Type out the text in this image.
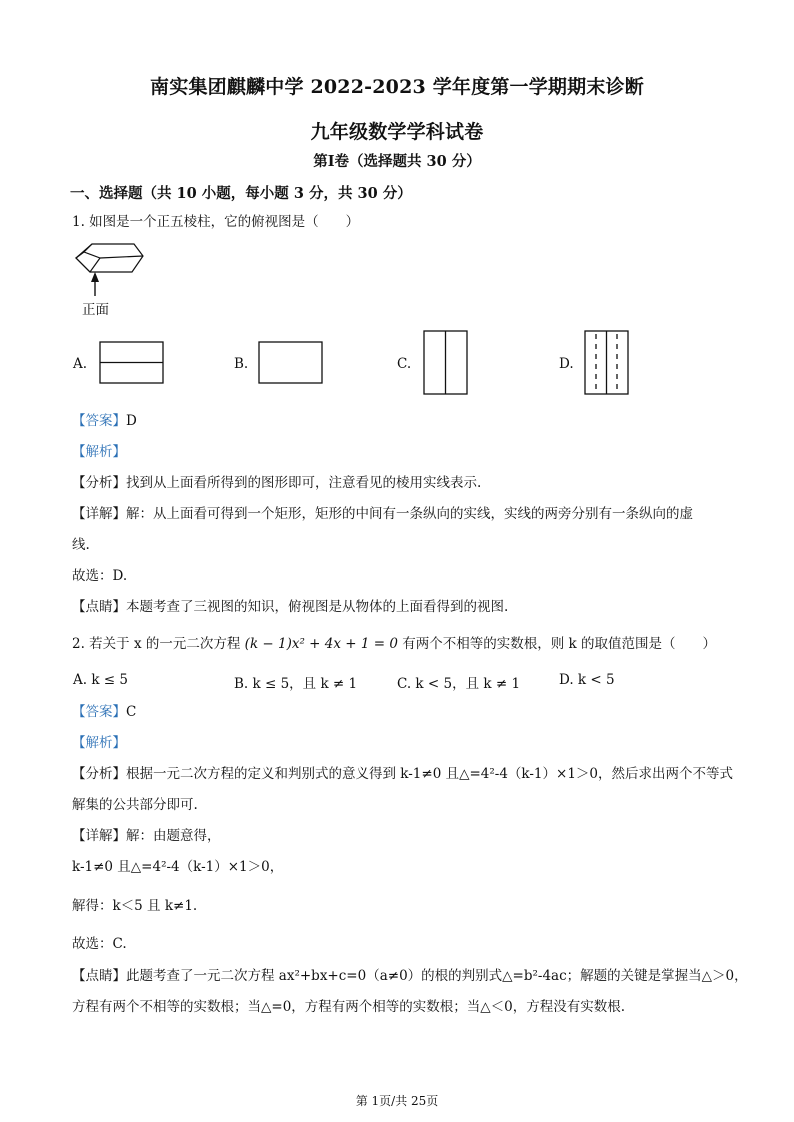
南实集团麒麟中学 2022-2023 学年度第一学期期末诊断
九年级数学学科试卷
第Ⅰ卷（选择题共 30 分）
一、选择题（共 10 小题，每小题 3 分，共 30 分）
1. 如图是一个正五棱柱，它的俯视图是（　　）
正面
A.	B.	C.	D.
【答案】D
【解析】
【分析】找到从上面看所得到的图形即可，注意看见的棱用实线表示.
【详解】解：从上面看可得到一个矩形，矩形的中间有一条纵向的实线，实线的两旁分别有一条纵向的虚
线.
故选：D.
【点睛】本题考查了三视图的知识，俯视图是从物体的上面看得到的视图.
2. 若关于 x 的一元二次方程 (k − 1)x² + 4x + 1 = 0 有两个不相等的实数根，则 k 的取值范围是（　　）
A. k ≤ 5	B. k ≤ 5，且 k ≠ 1	C. k < 5，且 k ≠ 1	D. k < 5
【答案】C
【解析】
【分析】根据一元二次方程的定义和判别式的意义得到 k-1≠0 且△=4²-4（k-1）×1＞0，然后求出两个不等式
解集的公共部分即可.
【详解】解：由题意得，
k-1≠0 且△=4²-4（k-1）×1＞0，
解得：k＜5 且 k≠1.
故选：C.
【点睛】此题考查了一元二次方程 ax²+bx+c=0（a≠0）的根的判别式△=b²-4ac；解题的关键是掌握当△＞0，
方程有两个不相等的实数根；当△=0，方程有两个相等的实数根；当△＜0，方程没有实数根.
第 1页/共 25页
